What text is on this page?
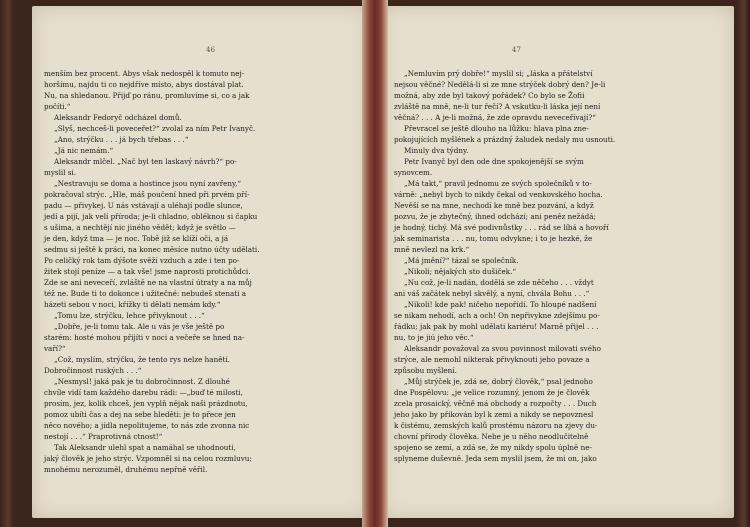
46

menším bez procent. Abys však nedospěl k tomuto nej-

horšímu, najdu ti co nejdříve místo, abys dostával plat.

Nu, na shledanou. Přijď po ránu, promluvíme si, co a jak

počíti.“

Aleksandr Fedoryč odcházel domů.

„Slyš, nechceš-li poveceřet?“ zvolal za ním Petr Ivanyč.

„Ano, strýčku . . . já bych třebas . . .“

„Já nic nemám.“

Aleksandr mlčel. „Nač byl ten laskavý návrh?“ po-

myslil si.

„Nestravuju se doma a hostince jsou nyní zavřeny,“

pokračoval strýc. „Hle, máš poučení hned při prvém pří-

padu — přivykej. U nás vstávají a uléhají podle slunce,

jedí a pijí, jak velí příroda; je-li chladno, obléknou si čapku

s ušima, a nechtějí nic jiného vědět; když je světlo —

je den, když tma — je noc. Tobě již se klíží oči, a já

sedmu si ještě k práci, na konec měsíce nutno účty udělati.

Po celičký rok tam dýšote svěží vzduch a zde i ten po-

žitek stojí peníze — a tak vše! jsme naprosti protichůdci.

Zde se ani neveceří, zvláště ne na vlastní útraty a na můj

též ne. Bude ti to dokonce i užitečné: nebudeš stenati a

házeti sebou v noci, křížky ti dělati nemám kdy.“

„Tomu lze, strýčku, lehce přivyknout . . .“

„Dobře, je-li tomu tak. Ale u vás je vše ještě po

starém: hosté mohou přijíti v noci a večeře se hned na-

vaří?“

„Což, myslím, strýčku, že tento rys nelze haněti.

Dobročinnost ruských . . .“

„Nesmysl! jaká pak je tu dobročinnost. Z dlouhé

chvíle vidí tam každého darebu rádi: —„buď té milosti,

prosím, jez, kolik chceš, jen vyplň nějak naši prázdnotu,

pomoz ubíti čas a dej na sebe hleděti: je to přece jen

něco nového; a jídla nepolitujeme, to nás zde zvonna nic

nestojí . . .“ Praprotivná ctnost!“

Tak Aleksandr ulehl spat a namáhal se uhodnouti,

jaký člověk je jeho strýc. Vzpomněl si na celou rozmluvu;

mnohému nerozuměl, druhému nepřně věřil.

47

„Nemluvím prý dobře!“ myslil si; „láska a přátelství

nejsou věčné? Nedělá-li si ze mne strýček dobrý den? Je-li

možná, aby zde byl takový pořádek? Co bylo se Žofii

zvláště na mně, ne-li tur řečí? A vskutku-li láska její není

věčná? . . . A je-li možná, že zde opravdu neveceřívají?“

Převracel se ještě dlouho na lůžku: hlava plna zne-

pokojujících myšlének a prázdný žaludek nedaly mu usnouti.

Minuly dva týdny.

Petr Ivanyč byl den ode dne spokojenější se svým

synovcem.

„Má takt,“ pravil jednomu ze svých společníků v to-

várně: „nebyl bych to nikdy čekal od venkovského hocha.

Nevěší se na mne, nechodí ke mně bez pozvání, a když

pozvu, že je zbytečný, ihned odchází; ani peněz nežádá;

je hodný, tichý. Má své podivnůstky . . . rád se líbá a hovoří

jak seminarista . . . nu, tomu odvykne; i to je hezké, že

mně nevlezl na krk.“

„Má jmění?“ tázal se společník.

„Nikoli; nějakých sto dušiček.“

„Nu což, je-li nadán, dodělá se zde něčeho . . . vždyt

ani váš začátek nebyl skvělý, a nyní, chvála Bohu . . .“

„Nikoli! kde pak! ničeho nepořídí. To hloupé nadšení

se nikam nehodí, ach a och! On nepřivykne zdejšímu po-

řádku; jak pak by mohl udělati kariéru! Marně přijel . . .

nu, to je jiú jeho věc.“

Aleksandr považoval za svou povinnost milovati svého

strýce, ale nemohl nikterak přivyknouti jeho povaze a

způsobu myšlení.

„Můj strýček je, zdá se, dobrý člověk,“ psal jednoho

dne Pospělovu: „je velice rozumný, jenom že je člověk

zcela prosaický, věčně má obchody a rozpočty . . . Duch

jeho jako by přikován byl k zemi a nikdy se nepovznesl

k čistému, zemských kalů prostému názoru na zjevy du-

chovní přírody člověka. Nebe je u něho neodlučitelně

spojeno se zemí, a zdá se, že my nikdy spolu úplně ne-

splyneme duševně. Jeda sem myslil jsem, že mi on, jako
